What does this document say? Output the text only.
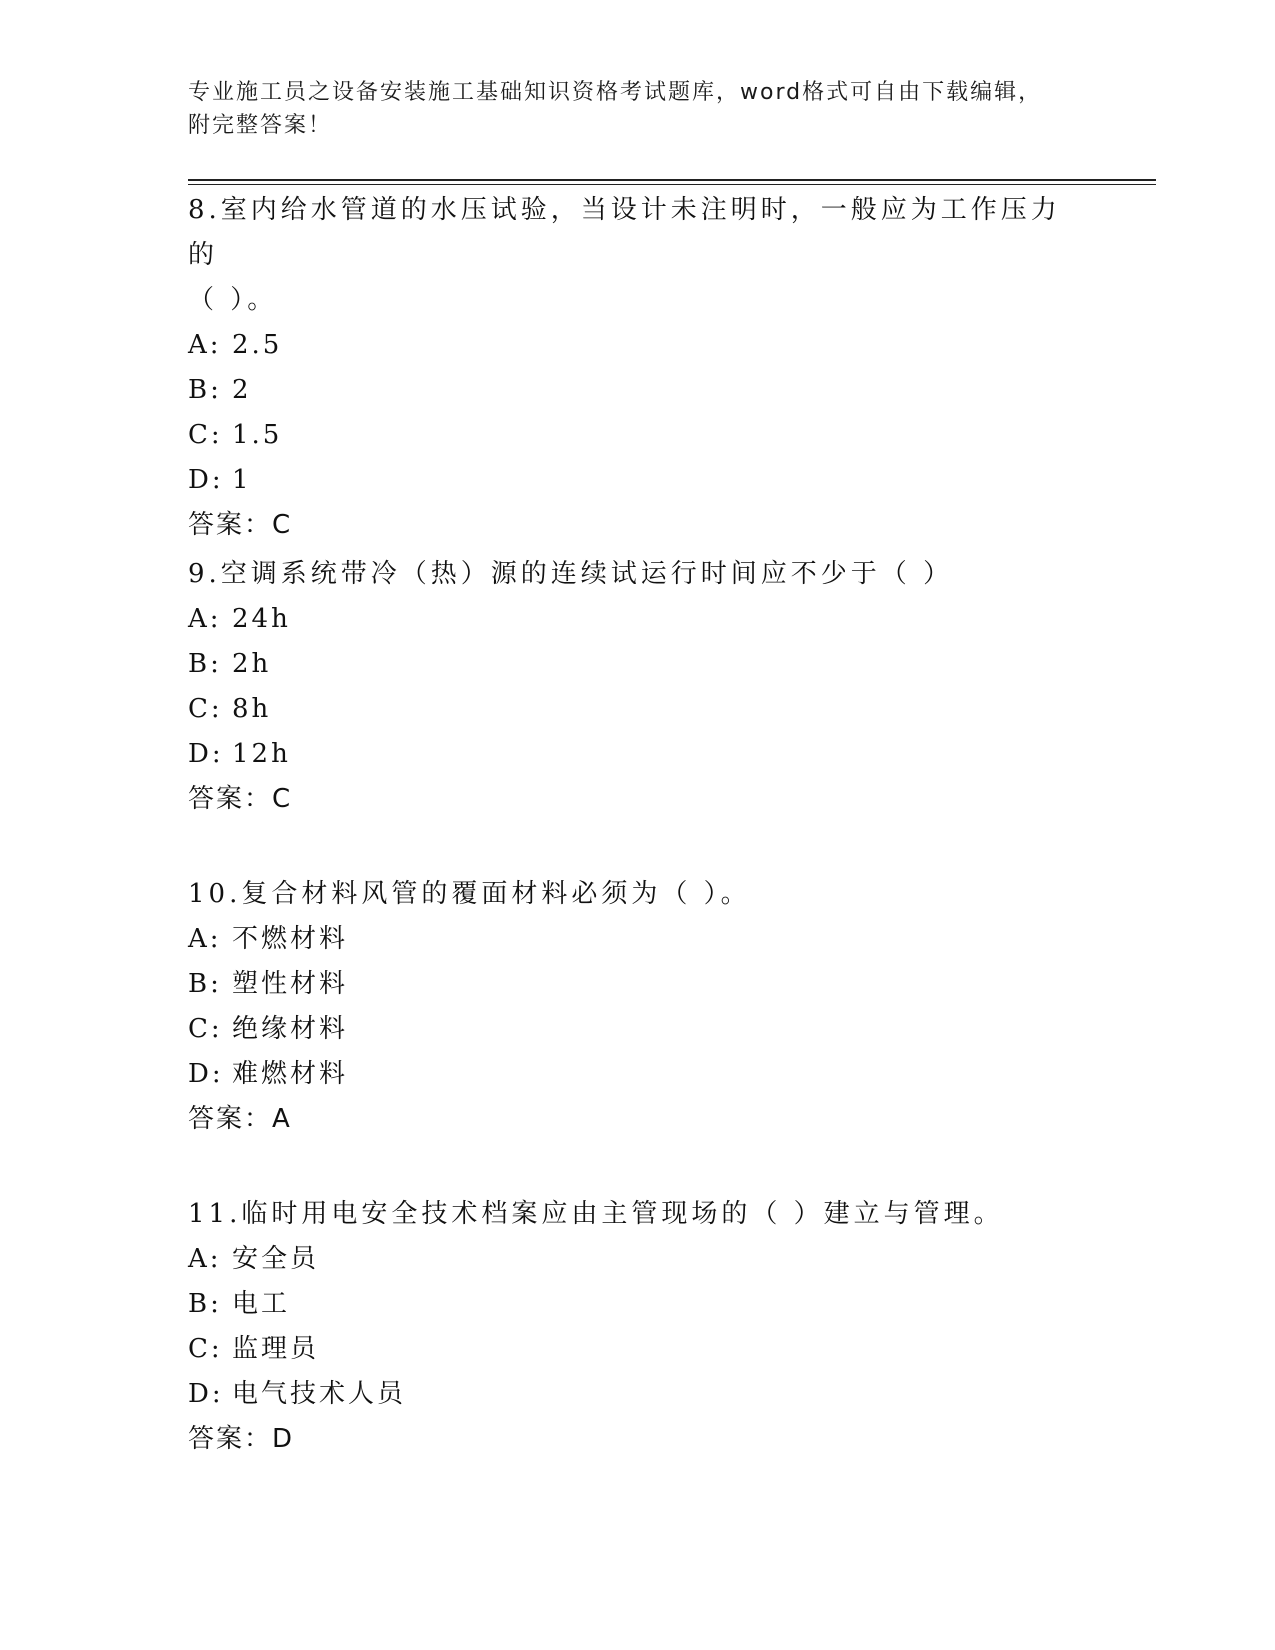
专业施工员之设备安装施工基础知识资格考试题库，word格式可自由下载编辑，
附完整答案！

8.室内给水管道的水压试验，当设计未注明时，一般应为工作压力的

（ ）。

A: 2.5

B: 2

C: 1.5

D: 1

答案：C

9.空调系统带冷（热）源的连续试运行时间应不少于（ ）

A: 24h

B: 2h

C: 8h

D: 12h

答案：C

10.复合材料风管的覆面材料必须为（ ）。

A: 不燃材料

B: 塑性材料

C: 绝缘材料

D: 难燃材料

答案：A

11.临时用电安全技术档案应由主管现场的（ ）建立与管理。

A: 安全员

B: 电工

C: 监理员

D: 电气技术人员

答案：D
